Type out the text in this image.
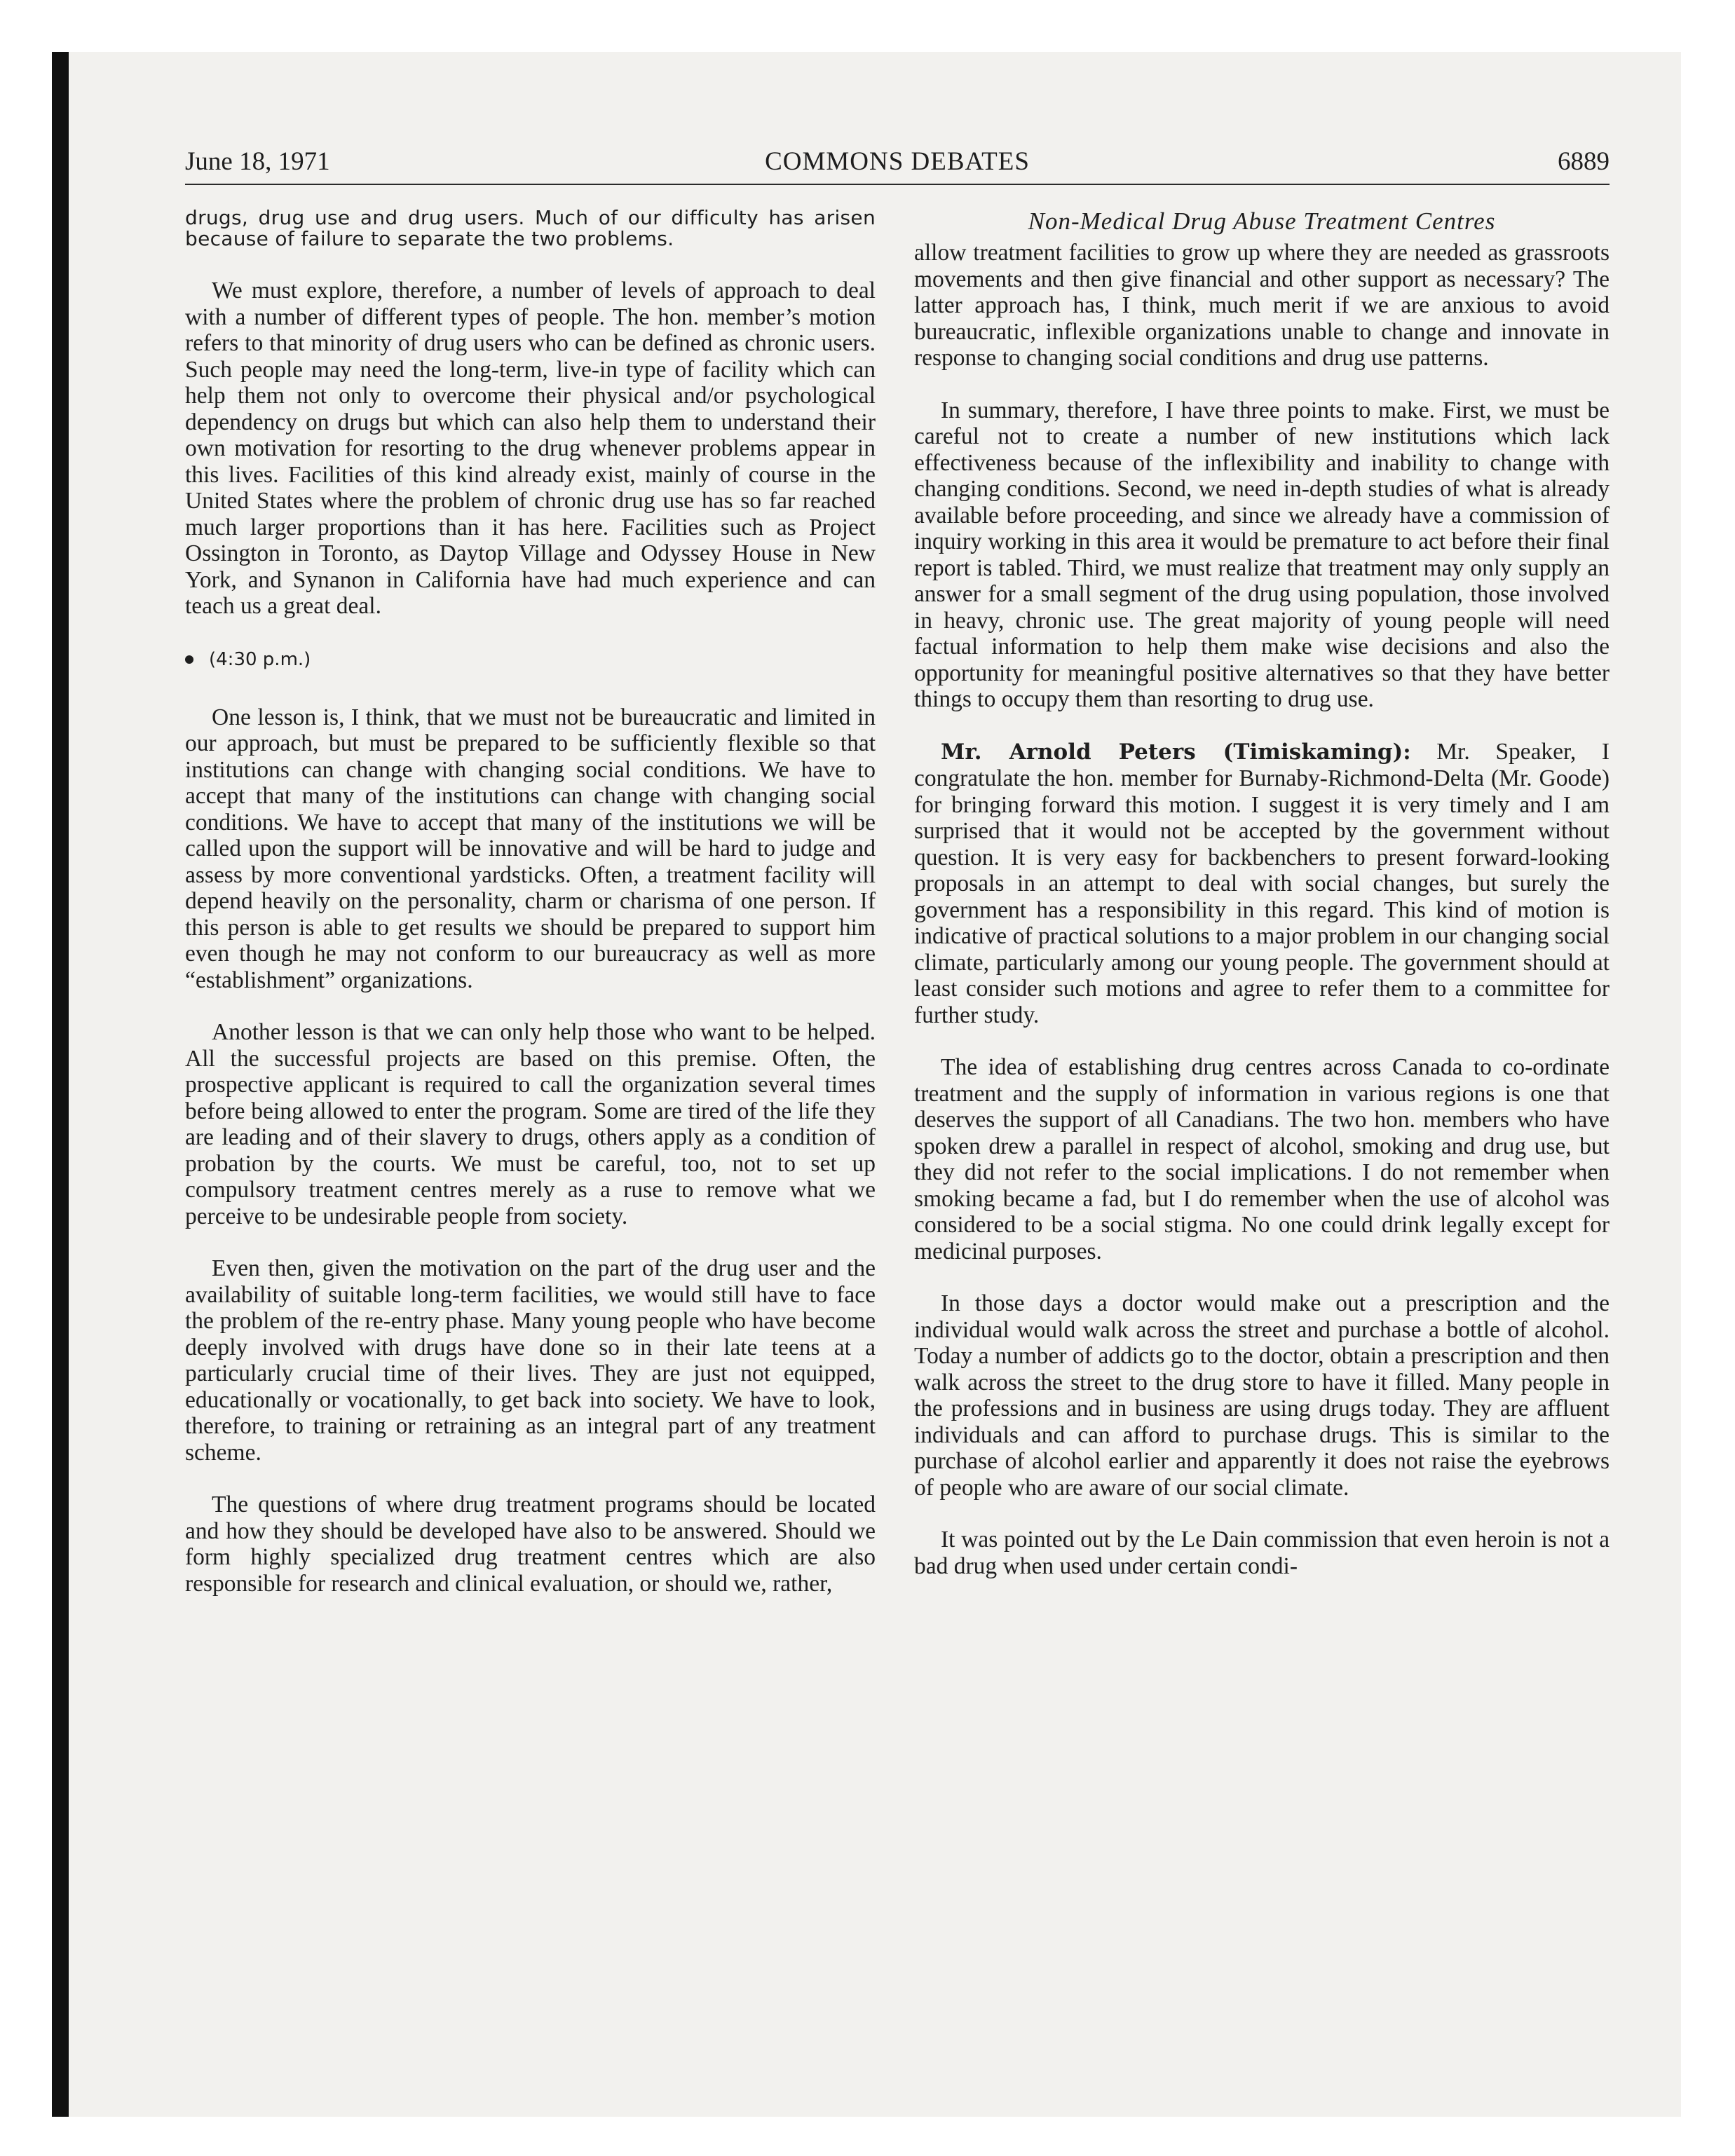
June 18, 1971	COMMONS DEBATES	6889

drugs, drug use and drug users. Much of our difficulty has arisen because of failure to separate the two problems.

We must explore, therefore, a number of levels of approach to deal with a number of different types of people. The hon. member’s motion refers to that minority of drug users who can be defined as chronic users. Such people may need the long-term, live-in type of facility which can help them not only to overcome their physical and/or psychological dependency on drugs but which can also help them to understand their own motivation for resorting to the drug whenever problems appear in this lives. Facilities of this kind already exist, mainly of course in the United States where the problem of chronic drug use has so far reached much larger proportions than it has here. Facilities such as Project Ossington in Toronto, as Daytop Village and Odyssey House in New York, and Synanon in California have had much experience and can teach us a great deal.

(4:30 p.m.)

One lesson is, I think, that we must not be bureaucratic and limited in our approach, but must be prepared to be sufficiently flexible so that institutions can change with changing social conditions. We have to accept that many of the institutions can change with changing social conditions. We have to accept that many of the institutions we will be called upon the support will be innovative and will be hard to judge and assess by more conventional yardsticks. Often, a treatment facility will depend heavily on the personality, charm or charisma of one person. If this person is able to get results we should be prepared to support him even though he may not conform to our bureaucracy as well as more “establishment” organizations.

Another lesson is that we can only help those who want to be helped. All the successful projects are based on this premise. Often, the prospective applicant is required to call the organization several times before being allowed to enter the program. Some are tired of the life they are leading and of their slavery to drugs, others apply as a condition of probation by the courts. We must be careful, too, not to set up compulsory treatment centres merely as a ruse to remove what we perceive to be undesirable people from society.

Even then, given the motivation on the part of the drug user and the availability of suitable long-term facilities, we would still have to face the problem of the re-entry phase. Many young people who have become deeply involved with drugs have done so in their late teens at a particularly crucial time of their lives. They are just not equipped, educationally or vocationally, to get back into society. We have to look, therefore, to training or retraining as an integral part of any treatment scheme.

The questions of where drug treatment programs should be located and how they should be developed have also to be answered. Should we form highly specialized drug treatment centres which are also responsible for research and clinical evaluation, or should we, rather,

Non-Medical Drug Abuse Treatment Centres

allow treatment facilities to grow up where they are needed as grassroots movements and then give financial and other support as necessary? The latter approach has, I think, much merit if we are anxious to avoid bureaucratic, inflexible organizations unable to change and innovate in response to changing social conditions and drug use patterns.

In summary, therefore, I have three points to make. First, we must be careful not to create a number of new institutions which lack effectiveness because of the inflexibility and inability to change with changing conditions. Second, we need in-depth studies of what is already available before proceeding, and since we already have a commission of inquiry working in this area it would be premature to act before their final report is tabled. Third, we must realize that treatment may only supply an answer for a small segment of the drug using population, those involved in heavy, chronic use. The great majority of young people will need factual information to help them make wise decisions and also the opportunity for meaningful positive alternatives so that they have better things to occupy them than resorting to drug use.

Mr. Arnold Peters (Timiskaming): Mr. Speaker, I congratulate the hon. member for Burnaby-Richmond-Delta (Mr. Goode) for bringing forward this motion. I suggest it is very timely and I am surprised that it would not be accepted by the government without question. It is very easy for backbenchers to present forward-looking proposals in an attempt to deal with social changes, but surely the government has a responsibility in this regard. This kind of motion is indicative of practical solutions to a major problem in our changing social climate, particularly among our young people. The government should at least consider such motions and agree to refer them to a committee for further study.

The idea of establishing drug centres across Canada to co-ordinate treatment and the supply of information in various regions is one that deserves the support of all Canadians. The two hon. members who have spoken drew a parallel in respect of alcohol, smoking and drug use, but they did not refer to the social implications. I do not remember when smoking became a fad, but I do remember when the use of alcohol was considered to be a social stigma. No one could drink legally except for medicinal purposes.

In those days a doctor would make out a prescription and the individual would walk across the street and purchase a bottle of alcohol. Today a number of addicts go to the doctor, obtain a prescription and then walk across the street to the drug store to have it filled. Many people in the professions and in business are using drugs today. They are affluent individuals and can afford to purchase drugs. This is similar to the purchase of alcohol earlier and apparently it does not raise the eyebrows of people who are aware of our social climate.

It was pointed out by the Le Dain commission that even heroin is not a bad drug when used under certain condi-
